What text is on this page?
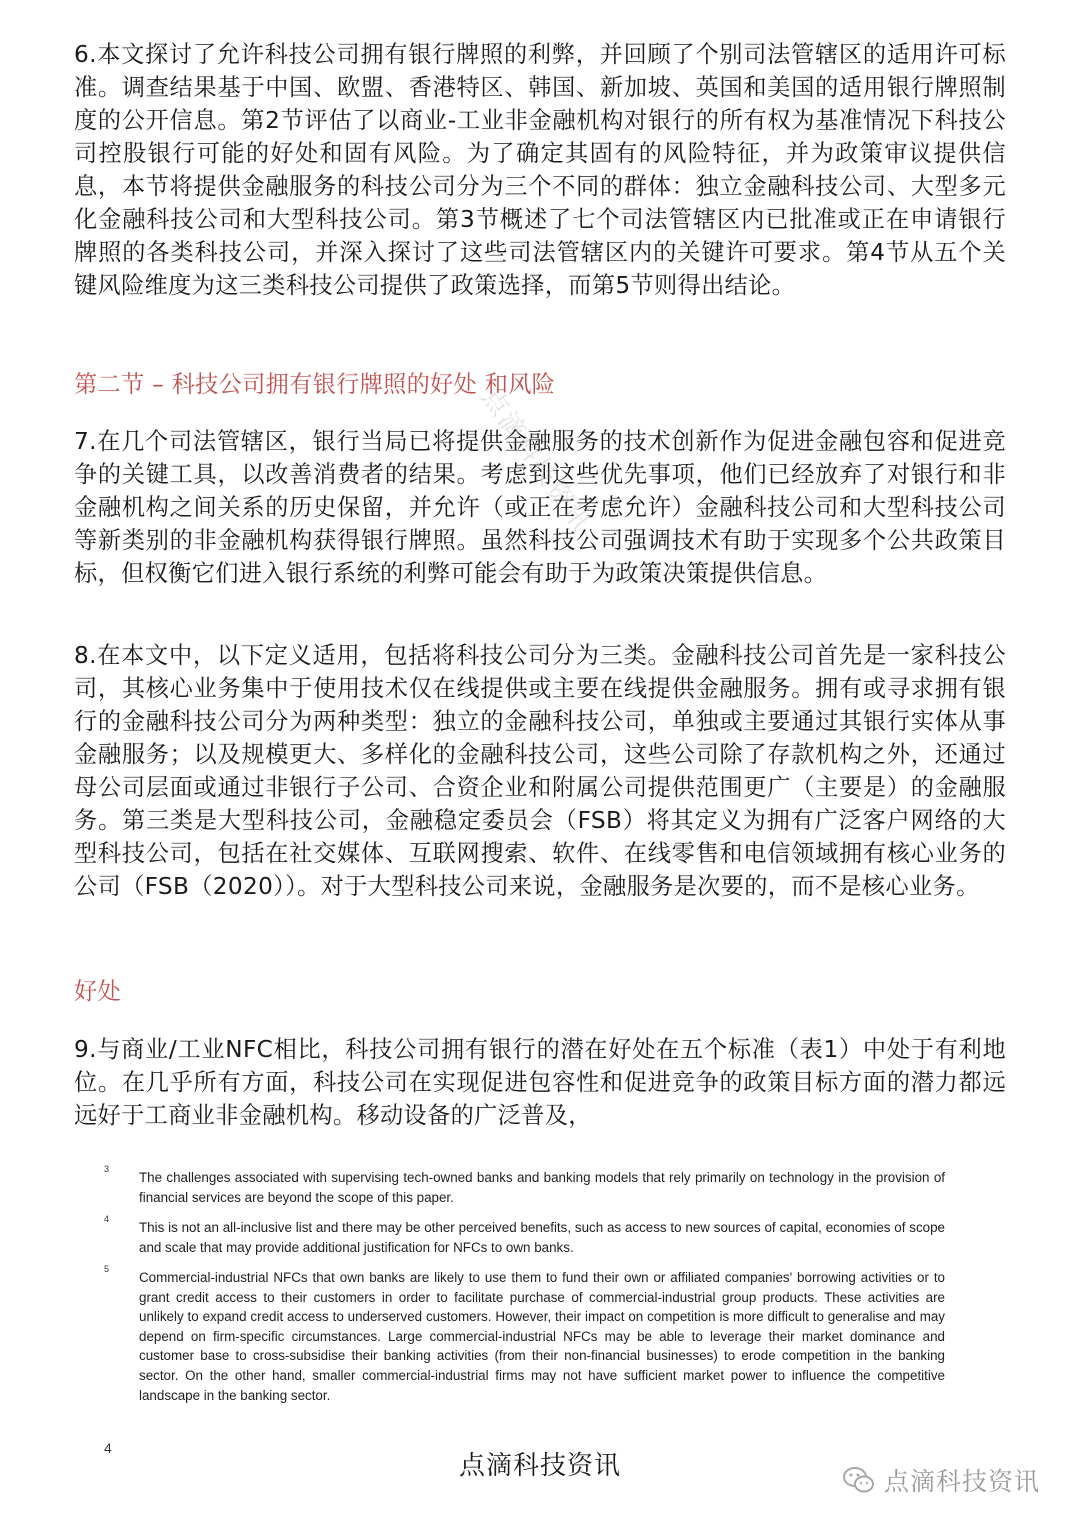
6.本文探讨了允许科技公司拥有银行牌照的利弊，并回顾了个别司法管辖区的适用许可标准。调查结果基于中国、欧盟、香港特区、韩国、新加坡、英国和美国的适用银行牌照制度的公开信息。第2节评估了以商业-工业非金融机构对银行的所有权为基准情况下科技公司控股银行可能的好处和固有风险。为了确定其固有的风险特征，并为政策审议提供信息，本节将提供金融服务的科技公司分为三个不同的群体：独立金融科技公司、大型多元化金融科技公司和大型科技公司。第3节概述了七个司法管辖区内已批准或正在申请银行牌照的各类科技公司，并深入探讨了这些司法管辖区内的关键许可要求。第4节从五个关键风险维度为这三类科技公司提供了政策选择，而第5节则得出结论。

第二节 – 科技公司拥有银行牌照的好处 和风险

7.在几个司法管辖区，银行当局已将提供金融服务的技术创新作为促进金融包容和促进竞争的关键工具，以改善消费者的结果。考虑到这些优先事项，他们已经放弃了对银行和非金融机构之间关系的历史保留，并允许（或正在考虑允许）金融科技公司和大型科技公司等新类别的非金融机构获得银行牌照。虽然科技公司强调技术有助于实现多个公共政策目标，但权衡它们进入银行系统的利弊可能会有助于为政策决策提供信息。

8.在本文中，以下定义适用，包括将科技公司分为三类。金融科技公司首先是一家科技公司，其核心业务集中于使用技术仅在线提供或主要在线提供金融服务。拥有或寻求拥有银行的金融科技公司分为两种类型：独立的金融科技公司，单独或主要通过其银行实体从事金融服务；以及规模更大、多样化的金融科技公司，这些公司除了存款机构之外，还通过母公司层面或通过非银行子公司、合资企业和附属公司提供范围更广（主要是）的金融服务。第三类是大型科技公司，金融稳定委员会（FSB）将其定义为拥有广泛客户网络的大型科技公司，包括在社交媒体、互联网搜索、软件、在线零售和电信领域拥有核心业务的公司（FSB（2020））。对于大型科技公司来说，金融服务是次要的，而不是核心业务。

好处

9.与商业/工业NFC相比，科技公司拥有银行的潜在好处在五个标准（表1）中处于有利地位。在几乎所有方面，科技公司在实现促进包容性和促进竞争的政策目标方面的潜力都远远好于工商业非金融机构。移动设备的广泛普及，

3

The challenges associated with supervising tech-owned banks and banking models that rely primarily on technology in the provision of financial services are beyond the scope of this paper.

4

This is not an all-inclusive list and there may be other perceived benefits, such as access to new sources of capital, economies of scope and scale that may provide additional justification for NFCs to own banks.

5

Commercial-industrial NFCs that own banks are likely to use them to fund their own or affiliated companies' borrowing activities or to grant credit access to their customers in order to facilitate purchase of commercial-industrial group products. These activities are unlikely to expand credit access to underserved customers. However, their impact on competition is more difficult to generalise and may depend on firm-specific circumstances. Large commercial-industrial NFCs may be able to leverage their market dominance and customer base to cross-subsidise their banking activities (from their non-financial businesses) to erode competition in the banking sector. On the other hand, smaller commercial-industrial firms may not have sufficient market power to influence the competitive landscape in the banking sector.

点滴科技资讯
4
点滴科技资讯
点滴科技资讯
